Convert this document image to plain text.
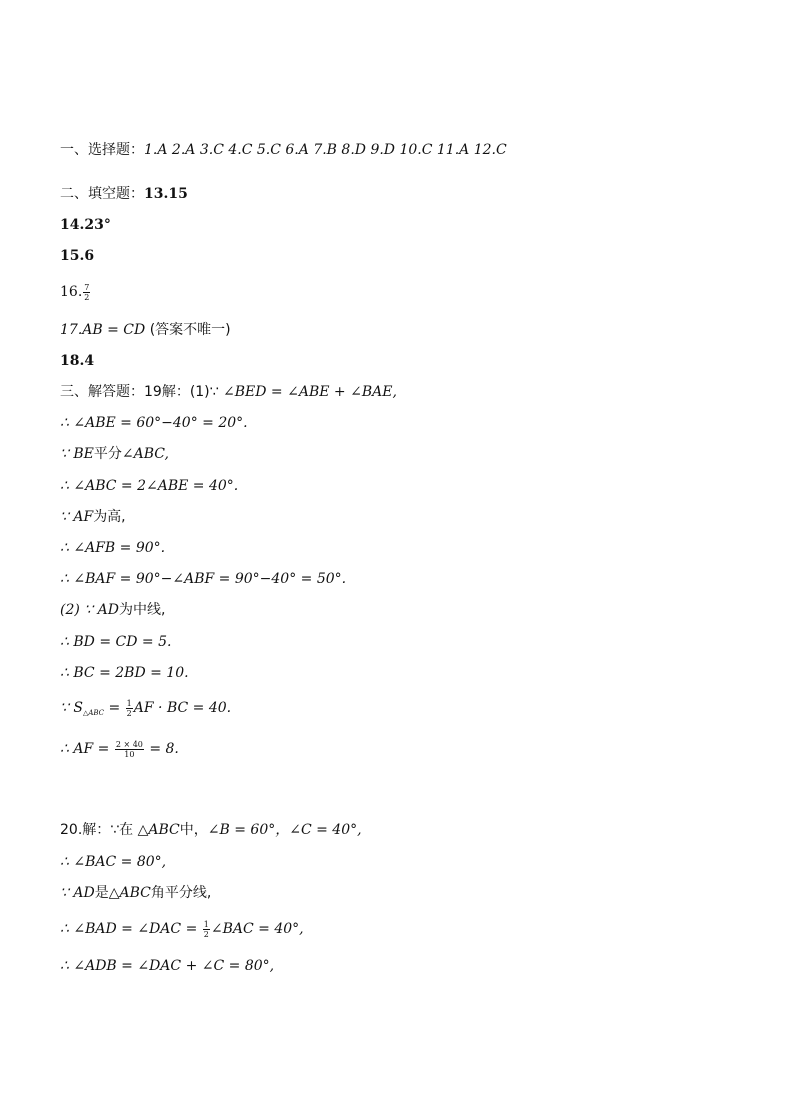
一、选择题：1.A 2.A 3.C 4.C 5.C 6.A 7.B 8.D 9.D 10.C 11.A 12.C
二、填空题：13.15
14.23°
15.6
16. $\frac{7}{2}$
17.AB = CD (答案不唯一)
18.4
三、解答题：19解：(1)∵ ∠BED = ∠ABE + ∠BAE,
∴ ∠ABE = 60°−40° = 20°.
∵ BE平分∠ABC,
∴ ∠ABC = 2∠ABE = 40°.
∵ AF为高,
∴ ∠AFB = 90°.
∴ ∠BAF = 90°−∠ABF = 90°−40° = 50°.
(2) ∵ AD为中线,
∴ BD = CD = 5.
∴ BC = 2BD = 10.
∵ $S_{\triangle ABC} = \frac{1}{2}$ AF · BC = 40.
∴ AF = $\frac{2 \times 40}{10} = 8$.
20.解：∵在 △ABC中，∠B = 60°，∠C = 40°,
∴ ∠BAC = 80°,
∵ AD是△ABC角平分线,
∴ ∠BAD = ∠DAC = $\frac{1}{2}$ ∠BAC = 40°,
∴ ∠ADB = ∠DAC + ∠C = 80°,
